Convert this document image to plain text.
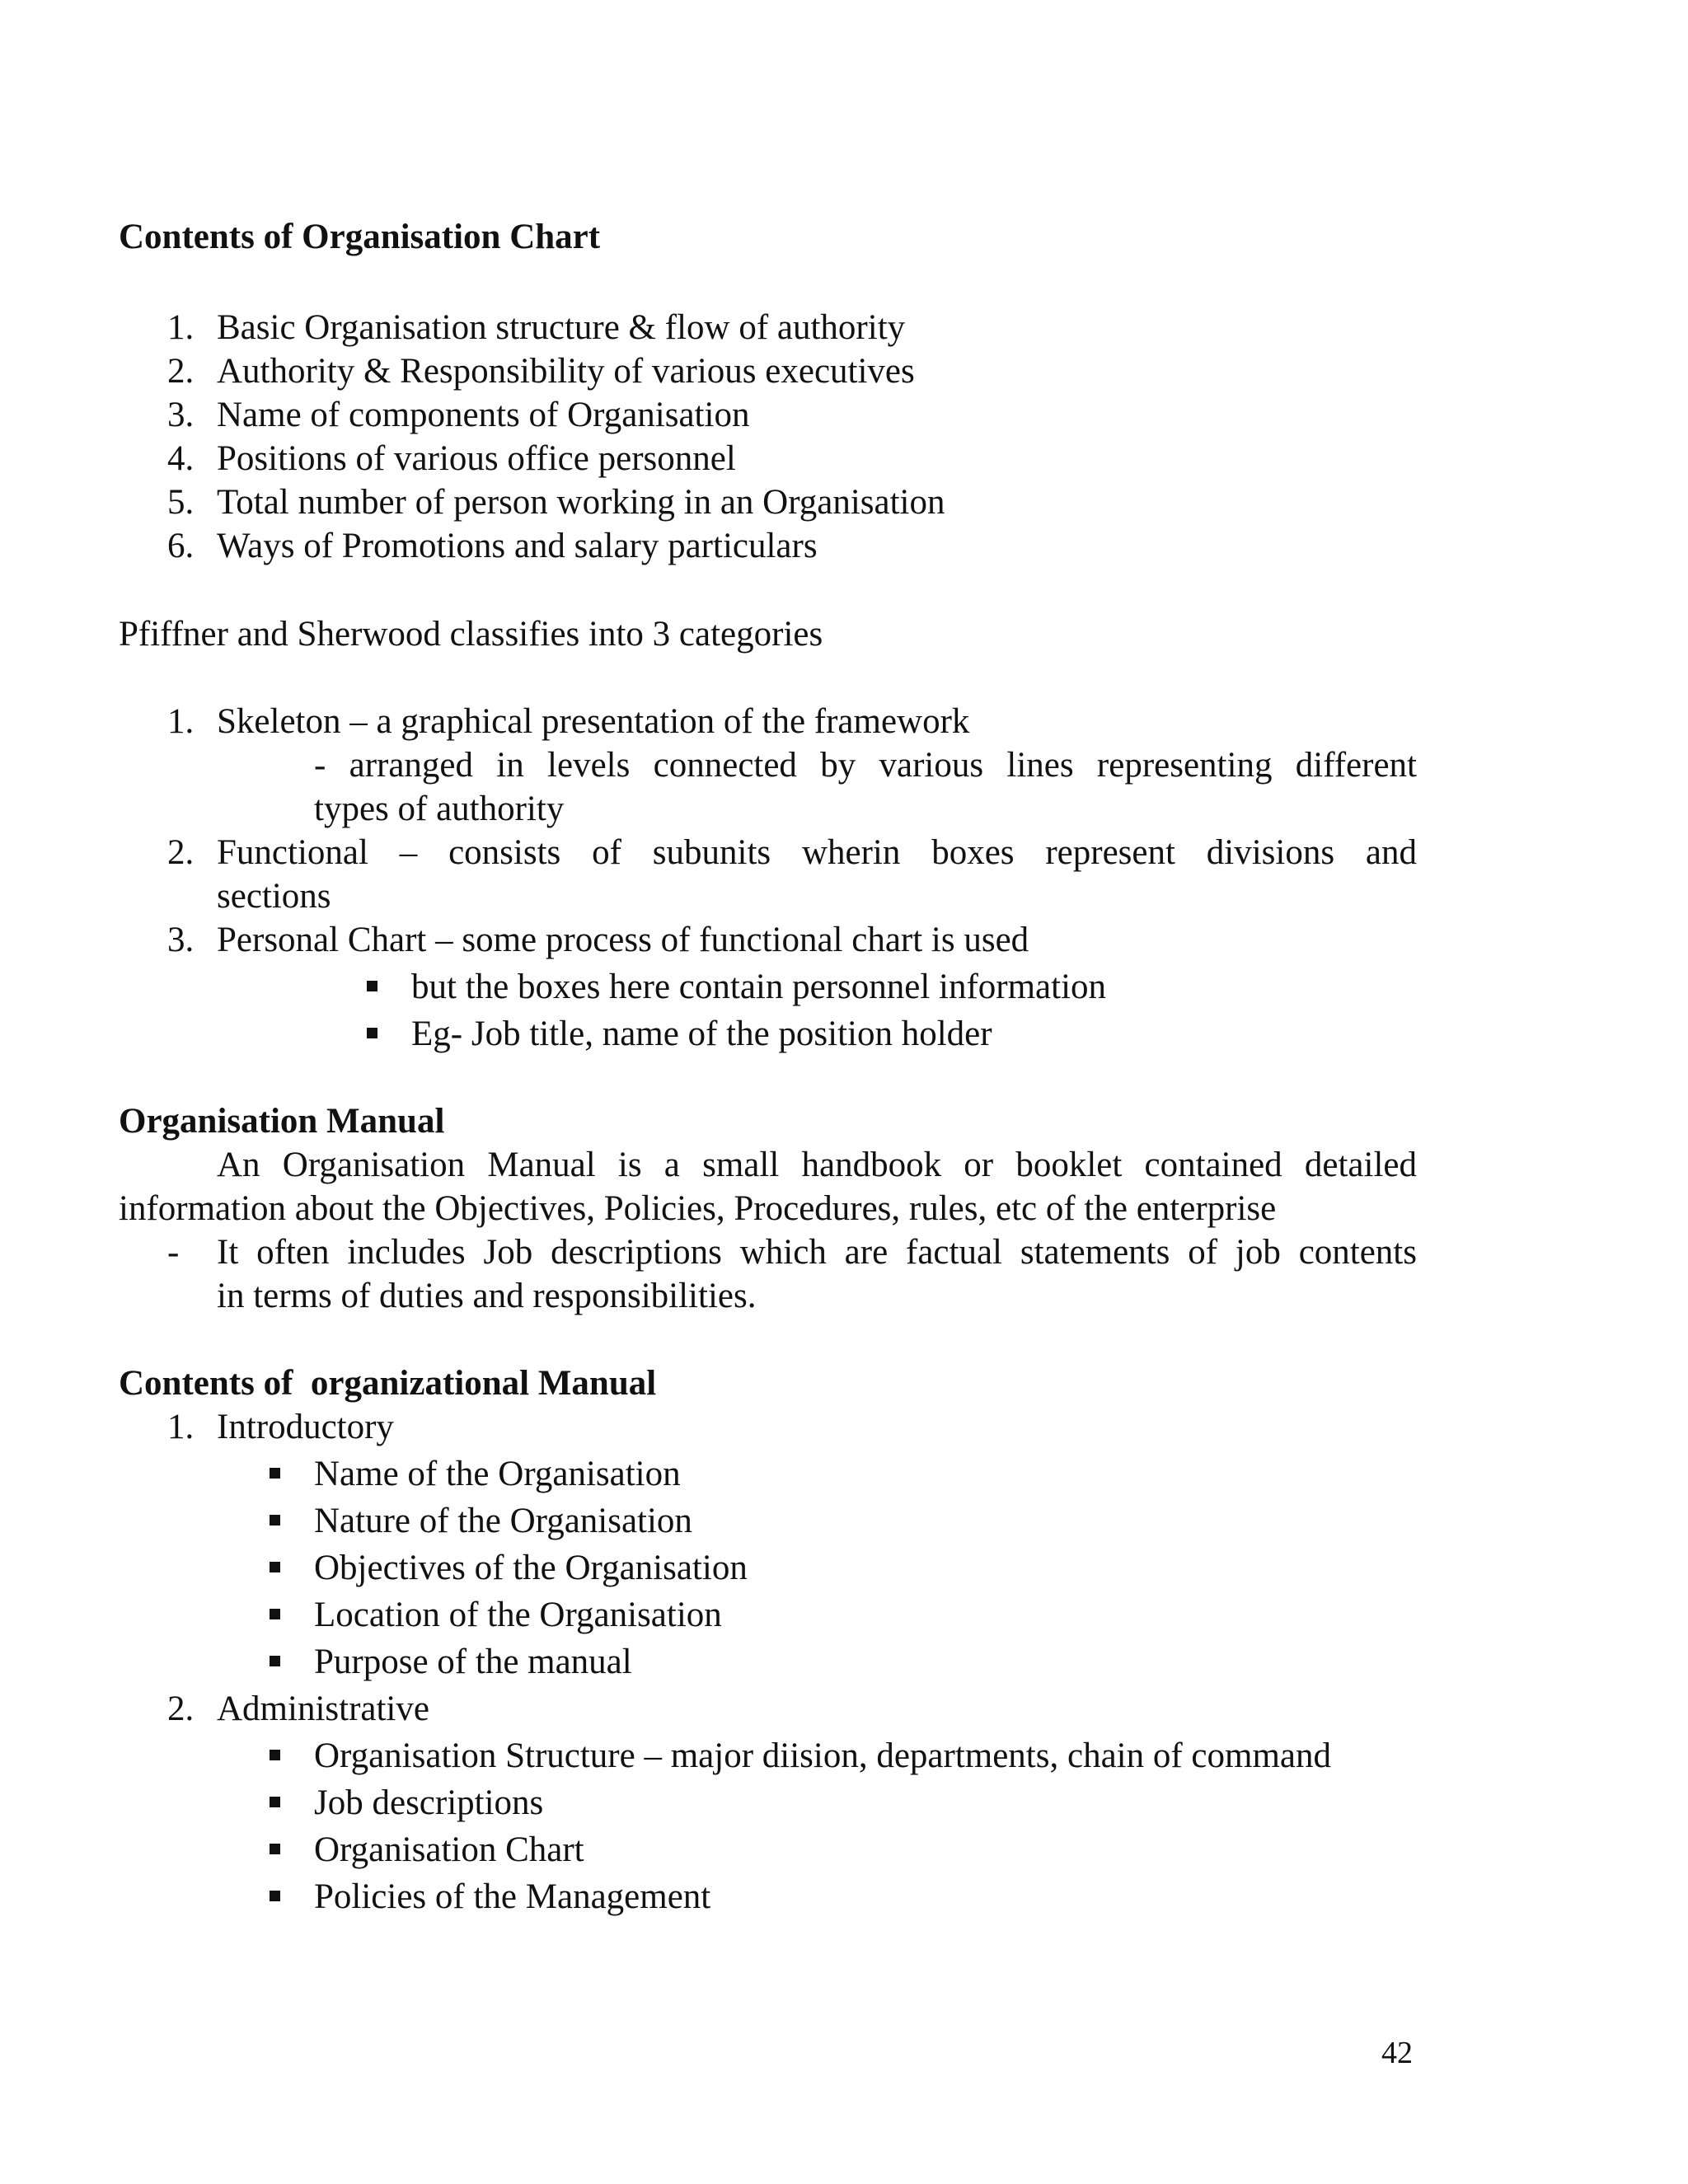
Contents of Organisation Chart
1. Basic Organisation structure & flow of authority
2. Authority & Responsibility of various executives
3. Name of components of Organisation
4. Positions of various office personnel
5. Total number of person working in an Organisation
6. Ways of Promotions and salary particulars
Pfiffner and Sherwood classifies into 3 categories
1. Skeleton – a graphical presentation of the framework
- arranged in levels connected by various lines representing different
types of authority
2. Functional – consists of subunits wherin boxes represent divisions and
sections
3. Personal Chart – some process of functional chart is used
but the boxes here contain personnel information
Eg- Job title, name of the position holder
Organisation Manual
An Organisation Manual is a small handbook or booklet contained detailed
information about the Objectives, Policies, Procedures, rules, etc of the enterprise
- It often includes Job descriptions which are factual statements of job contents
in terms of duties and responsibilities.
Contents of  organizational Manual
1. Introductory
Name of the Organisation
Nature of the Organisation
Objectives of the Organisation
Location of the Organisation
Purpose of the manual
2. Administrative
Organisation Structure – major diision, departments, chain of command
Job descriptions
Organisation Chart
Policies of the Management
42
